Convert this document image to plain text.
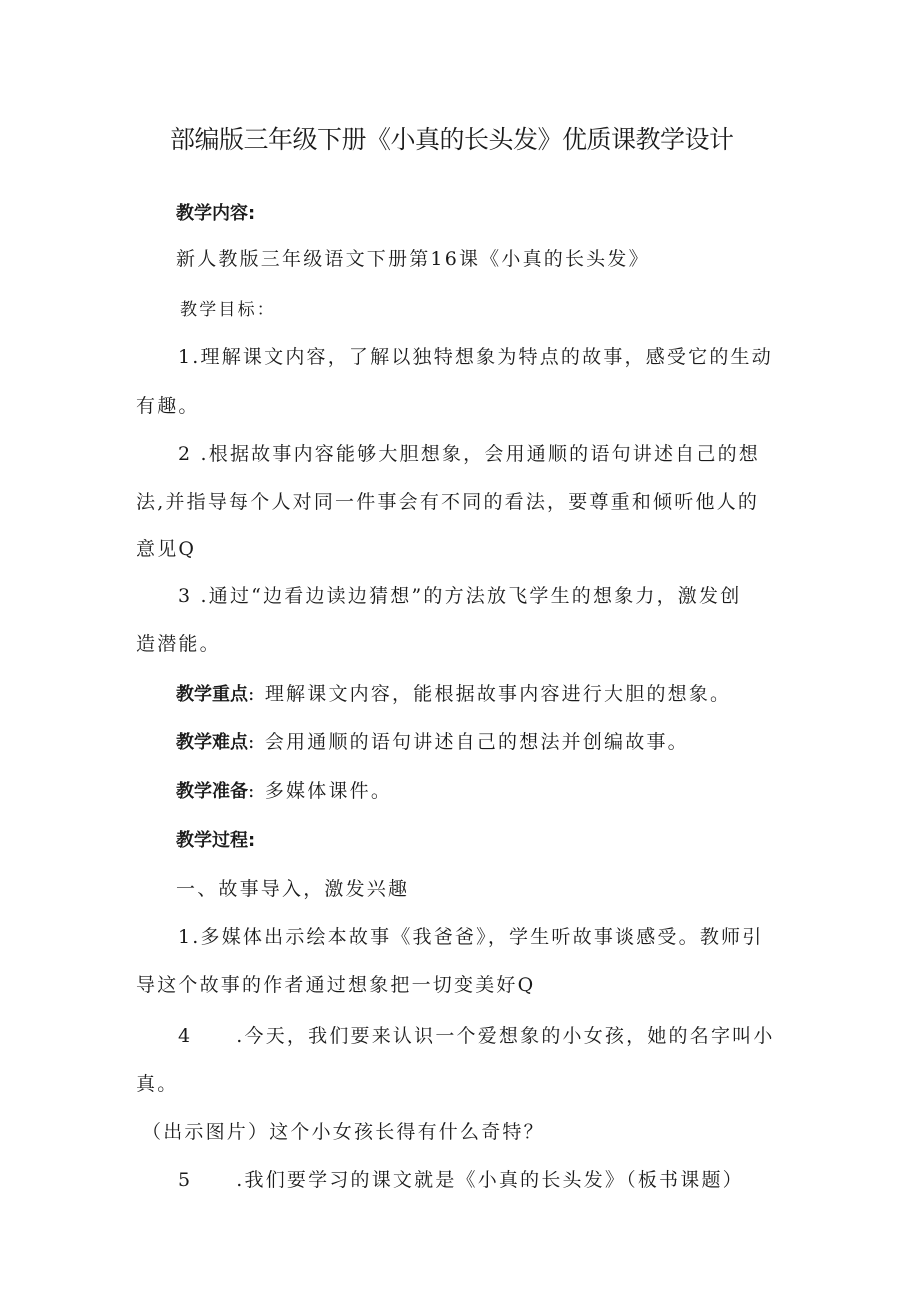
部编版三年级下册《小真的长头发》优质课教学设计
教学内容:
新人教版三年级语文下册第16课《小真的长头发》
教学目标：
1.理解课文内容，了解以独特想象为特点的故事，感受它的生动
有趣。
2 .根据故事内容能够大胆想象，会用通顺的语句讲述自己的想
法,并指导每个人对同一件事会有不同的看法，要尊重和倾听他人的
意见Q
3 .通过“边看边读边猜想”的方法放飞学生的想象力，激发创
造潜能。
教学重点: 理解课文内容，能根据故事内容进行大胆的想象。
教学难点: 会用通顺的语句讲述自己的想法并创编故事。
教学准备: 多媒体课件。
教学过程:
一、故事导入，激发兴趣
1.多媒体出示绘本故事《我爸爸》，学生听故事谈感受。教师引
导这个故事的作者通过想象把一切变美好Q
4 .今天，我们要来认识一个爱想象的小女孩，她的名字叫小
真。
（出示图片）这个小女孩长得有什么奇特？
5 .我们要学习的课文就是《小真的长头发》（板书课题）
